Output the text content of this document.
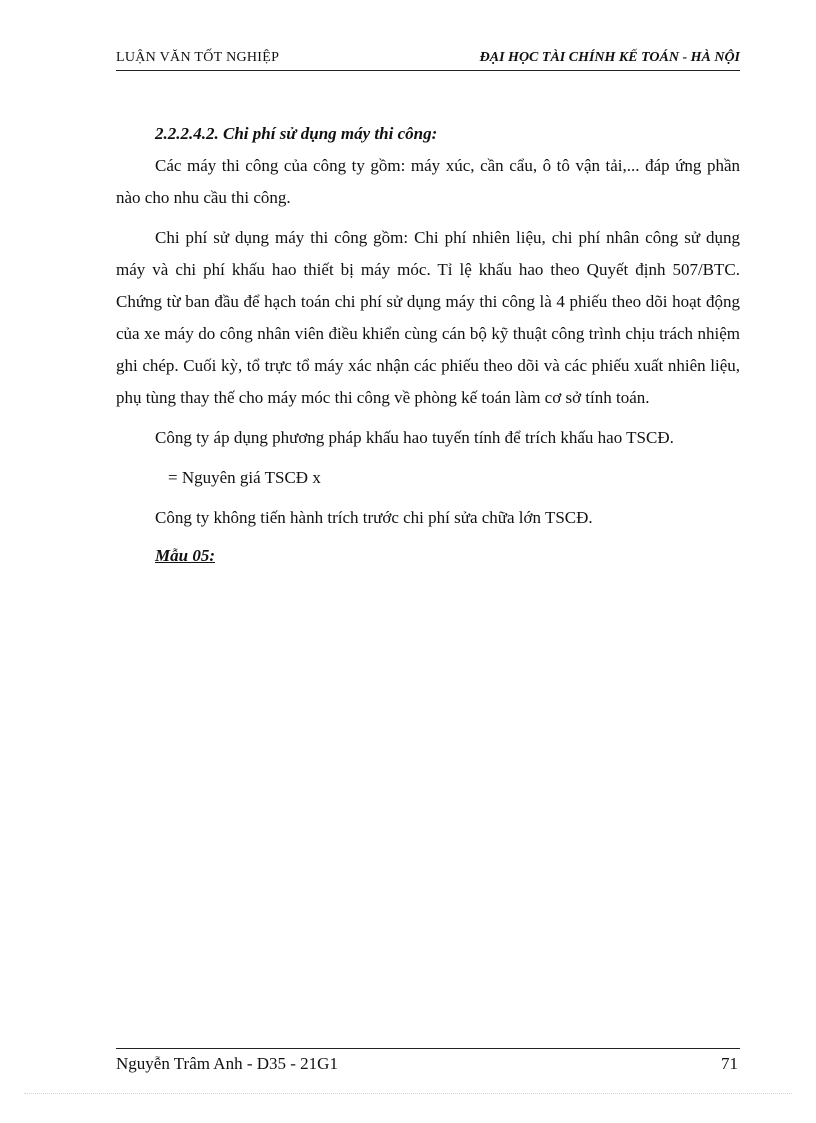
LUẬN VĂN TỐT NGHIỆP	ĐẠI HỌC TÀI CHÍNH KẾ TOÁN - HÀ NỘI

2.2.2.4.2. Chi phí sử dụng máy thi công:

Các máy thi công của công ty gồm: máy xúc, cần cẩu, ô tô vận tải,... đáp ứng phần nào cho nhu cầu thi công.

Chi phí sử dụng máy thi công gồm: Chi phí nhiên liệu, chi phí nhân công sử dụng máy và chi phí khấu hao thiết bị máy móc. Tỉ lệ khấu hao theo Quyết định 507/BTC. Chứng từ ban đầu để hạch toán chi phí sử dụng máy thi công là 4 phiếu theo dõi hoạt động của xe máy do công nhân viên điều khiển cùng cán bộ kỹ thuật công trình chịu trách nhiệm ghi chép. Cuối kỳ, tổ trực tổ máy xác nhận các phiếu theo dõi và các phiếu xuất nhiên liệu, phụ tùng thay thế cho máy móc thi công về phòng kế toán làm cơ sở tính toán.

Công ty áp dụng phương pháp khấu hao tuyến tính để trích khấu hao TSCĐ.

= Nguyên giá TSCĐ x

Công ty không tiến hành trích trước chi phí sửa chữa lớn TSCĐ.

Mẫu 05:

Nguyễn Trâm Anh - D35 - 21G1	71
